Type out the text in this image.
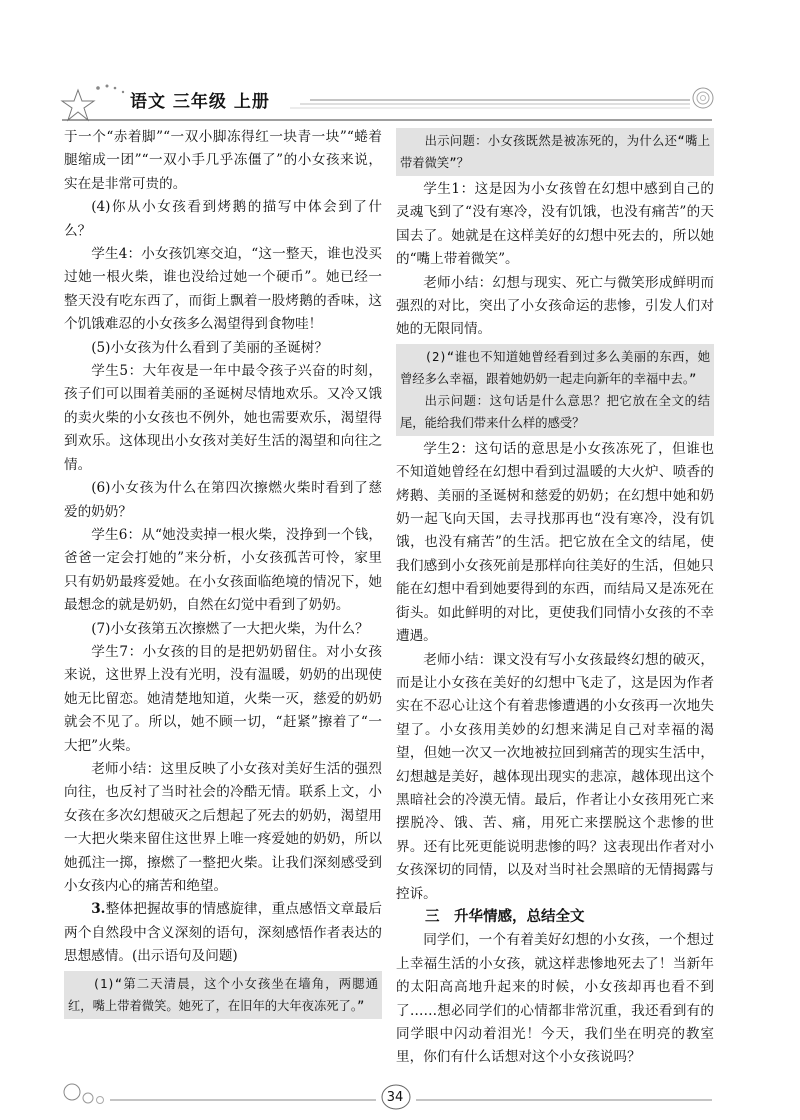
语文 三年级 上册

于一个“赤着脚”“一双小脚冻得红一块青一块”“蜷着腿缩成一团”“一双小手几乎冻僵了”的小女孩来说，实在是非常可贵的。

(4)你从小女孩看到烤鹅的描写中体会到了什么？

学生4：小女孩饥寒交迫，“这一整天，谁也没买过她一根火柴，谁也没给过她一个硬币”。她已经一整天没有吃东西了，而街上飘着一股烤鹅的香味，这个饥饿难忍的小女孩多么渴望得到食物哇！

(5)小女孩为什么看到了美丽的圣诞树？

学生5：大年夜是一年中最令孩子兴奋的时刻，孩子们可以围着美丽的圣诞树尽情地欢乐。又冷又饿的卖火柴的小女孩也不例外，她也需要欢乐，渴望得到欢乐。这体现出小女孩对美好生活的渴望和向往之情。

(6)小女孩为什么在第四次擦燃火柴时看到了慈爱的奶奶？

学生6：从“她没卖掉一根火柴，没挣到一个钱，爸爸一定会打她的”来分析，小女孩孤苦可怜，家里只有奶奶最疼爱她。在小女孩面临绝境的情况下，她最想念的就是奶奶，自然在幻觉中看到了奶奶。

(7)小女孩第五次擦燃了一大把火柴，为什么？

学生7：小女孩的目的是把奶奶留住。对小女孩来说，这世界上没有光明，没有温暖，奶奶的出现使她无比留恋。她清楚地知道，火柴一灭，慈爱的奶奶就会不见了。所以，她不顾一切，“赶紧”擦着了“一大把”火柴。

老师小结：这里反映了小女孩对美好生活的强烈向往，也反衬了当时社会的冷酷无情。联系上文，小女孩在多次幻想破灭之后想起了死去的奶奶，渴望用一大把火柴来留住这世界上唯一疼爱她的奶奶，所以她孤注一掷，擦燃了一整把火柴。让我们深刻感受到小女孩内心的痛苦和绝望。

3.整体把握故事的情感旋律，重点感悟文章最后两个自然段中含义深刻的语句，深刻感悟作者表达的思想感情。(出示语句及问题)

(1)“第二天清晨，这个小女孩坐在墙角，两腮通红，嘴上带着微笑。她死了，在旧年的大年夜冻死了。”

出示问题：小女孩既然是被冻死的，为什么还“嘴上带着微笑”？

学生1：这是因为小女孩曾在幻想中感到自己的灵魂飞到了“没有寒冷，没有饥饿，也没有痛苦”的天国去了。她就是在这样美好的幻想中死去的，所以她的“嘴上带着微笑”。

老师小结：幻想与现实、死亡与微笑形成鲜明而强烈的对比，突出了小女孩命运的悲惨，引发人们对她的无限同情。

(2)“谁也不知道她曾经看到过多么美丽的东西，她曾经多么幸福，跟着她奶奶一起走向新年的幸福中去。”

出示问题：这句话是什么意思？把它放在全文的结尾，能给我们带来什么样的感受？

学生2：这句话的意思是小女孩冻死了，但谁也不知道她曾经在幻想中看到过温暖的大火炉、喷香的烤鹅、美丽的圣诞树和慈爱的奶奶；在幻想中她和奶奶一起飞向天国，去寻找那再也“没有寒冷，没有饥饿，也没有痛苦”的生活。把它放在全文的结尾，使我们感到小女孩死前是那样向往美好的生活，但她只能在幻想中看到她要得到的东西，而结局又是冻死在街头。如此鲜明的对比，更使我们同情小女孩的不幸遭遇。

老师小结：课文没有写小女孩最终幻想的破灭，而是让小女孩在美好的幻想中飞走了，这是因为作者实在不忍心让这个有着悲惨遭遇的小女孩再一次地失望了。小女孩用美妙的幻想来满足自己对幸福的渴望，但她一次又一次地被拉回到痛苦的现实生活中，幻想越是美好，越体现出现实的悲凉，越体现出这个黑暗社会的冷漠无情。最后，作者让小女孩用死亡来摆脱冷、饿、苦、痛，用死亡来摆脱这个悲惨的世界。还有比死更能说明悲惨的吗？这表现出作者对小女孩深切的同情，以及对当时社会黑暗的无情揭露与控诉。

三　升华情感，总结全文

同学们，一个有着美好幻想的小女孩，一个想过上幸福生活的小女孩，就这样悲惨地死去了！当新年的太阳高高地升起来的时候，小女孩却再也看不到了……想必同学们的心情都非常沉重，我还看到有的同学眼中闪动着泪光！今天，我们坐在明亮的教室里，你们有什么话想对这个小女孩说吗？

34
